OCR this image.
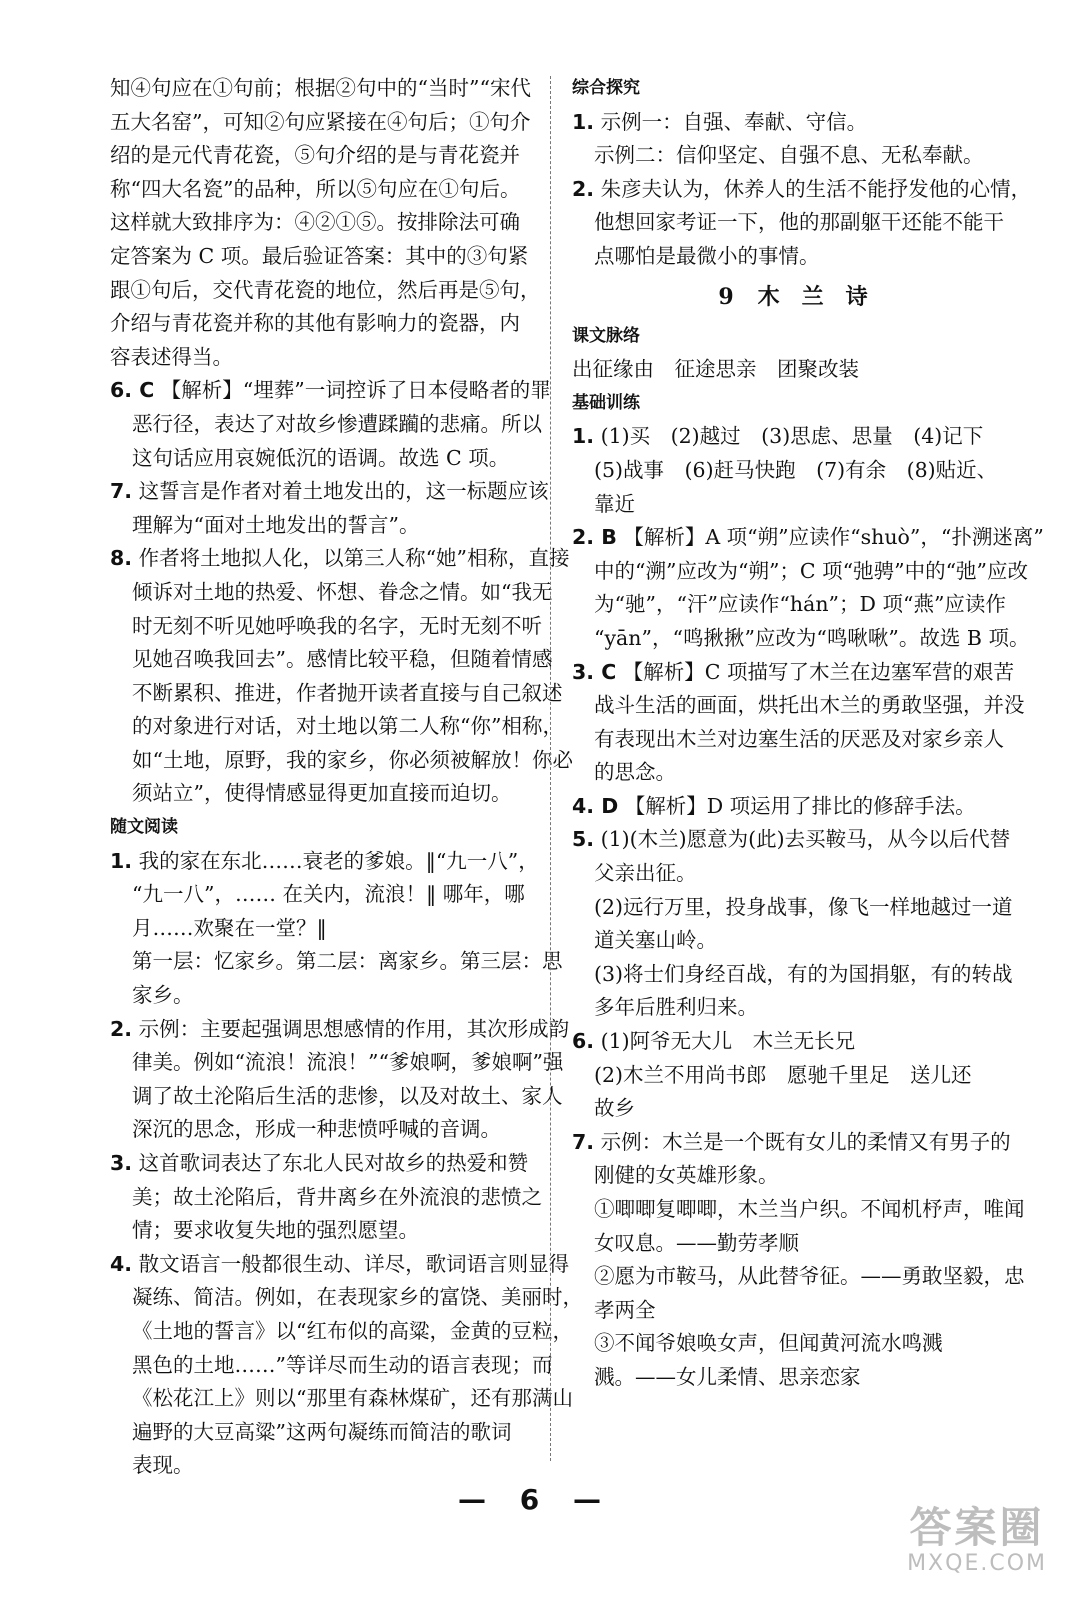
知④句应在①句前；根据②句中的“当时”“宋代
五大名窑”，可知②句应紧接在④句后；①句介
绍的是元代青花瓷，⑤句介绍的是与青花瓷并
称“四大名瓷”的品种，所以⑤句应在①句后。
这样就大致排序为：④②①⑤。按排除法可确
定答案为 C 项。最后验证答案：其中的③句紧
跟①句后，交代青花瓷的地位，然后再是⑤句，
介绍与青花瓷并称的其他有影响力的瓷器，内
容表述得当。
6. C 【解析】“埋葬”一词控诉了日本侵略者的罪
恶行径，表达了对故乡惨遭蹂躏的悲痛。所以
这句话应用哀婉低沉的语调。故选 C 项。
7. 这誓言是作者对着土地发出的，这一标题应该
理解为“面对土地发出的誓言”。
8. 作者将土地拟人化，以第三人称“她”相称，直接
倾诉对土地的热爱、怀想、眷念之情。如“我无
时无刻不听见她呼唤我的名字，无时无刻不听
见她召唤我回去”。感情比较平稳，但随着情感
不断累积、推进，作者抛开读者直接与自己叙述
的对象进行对话，对土地以第二人称“你”相称，
如“土地，原野，我的家乡，你必须被解放！你必
须站立”，使得情感显得更加直接而迫切。
随文阅读
1. 我的家在东北……衰老的爹娘。‖“九一八”，
“九一八”，…… 在关内，流浪！‖ 哪年，哪
月……欢聚在一堂？‖
第一层：忆家乡。第二层：离家乡。第三层：思
家乡。
2. 示例：主要起强调思想感情的作用，其次形成韵
律美。例如“流浪！流浪！”“爹娘啊，爹娘啊”强
调了故土沦陷后生活的悲惨，以及对故土、家人
深沉的思念，形成一种悲愤呼喊的音调。
3. 这首歌词表达了东北人民对故乡的热爱和赞
美；故土沦陷后，背井离乡在外流浪的悲愤之
情；要求收复失地的强烈愿望。
4. 散文语言一般都很生动、详尽，歌词语言则显得
凝练、简洁。例如，在表现家乡的富饶、美丽时，
《土地的誓言》以“红布似的高粱，金黄的豆粒，
黑色的土地……”等详尽而生动的语言表现；而
《松花江上》则以“那里有森林煤矿，还有那满山
遍野的大豆高粱”这两句凝练而简洁的歌词
表现。
综合探究
1. 示例一：自强、奉献、守信。
示例二：信仰坚定、自强不息、无私奉献。
2. 朱彦夫认为，休养人的生活不能抒发他的心情，
他想回家考证一下，他的那副躯干还能不能干
点哪怕是最微小的事情。
9 木　兰　诗
课文脉络
出征缘由　征途思亲　团聚改装
基础训练
1. (1)买　(2)越过　(3)思虑、思量　(4)记下
(5)战事　(6)赶马快跑　(7)有余　(8)贴近、
靠近
2. B 【解析】A 项“朔”应读作“shuò”，“扑溯迷离”
中的“溯”应改为“朔”；C 项“弛骋”中的“弛”应改
为“驰”，“汗”应读作“hán”；D 项“燕”应读作
“yān”，“鸣揪揪”应改为“鸣啾啾”。故选 B 项。
3. C 【解析】C 项描写了木兰在边塞军营的艰苦
战斗生活的画面，烘托出木兰的勇敢坚强，并没
有表现出木兰对边塞生活的厌恶及对家乡亲人
的思念。
4. D 【解析】D 项运用了排比的修辞手法。
5. (1)(木兰)愿意为(此)去买鞍马，从今以后代替
父亲出征。
(2)远行万里，投身战事，像飞一样地越过一道
道关塞山岭。
(3)将士们身经百战，有的为国捐躯，有的转战
多年后胜利归来。
6. (1)阿爷无大儿　木兰无长兄
(2)木兰不用尚书郎　愿驰千里足　送儿还
故乡
7. 示例：木兰是一个既有女儿的柔情又有男子的
刚健的女英雄形象。
①唧唧复唧唧，木兰当户织。不闻机杼声，唯闻
女叹息。——勤劳孝顺
②愿为市鞍马，从此替爷征。——勇敢坚毅，忠
孝两全
③不闻爷娘唤女声，但闻黄河流水鸣溅
溅。——女儿柔情、思亲恋家
— 6 —
答案圈
MXQE.COM
